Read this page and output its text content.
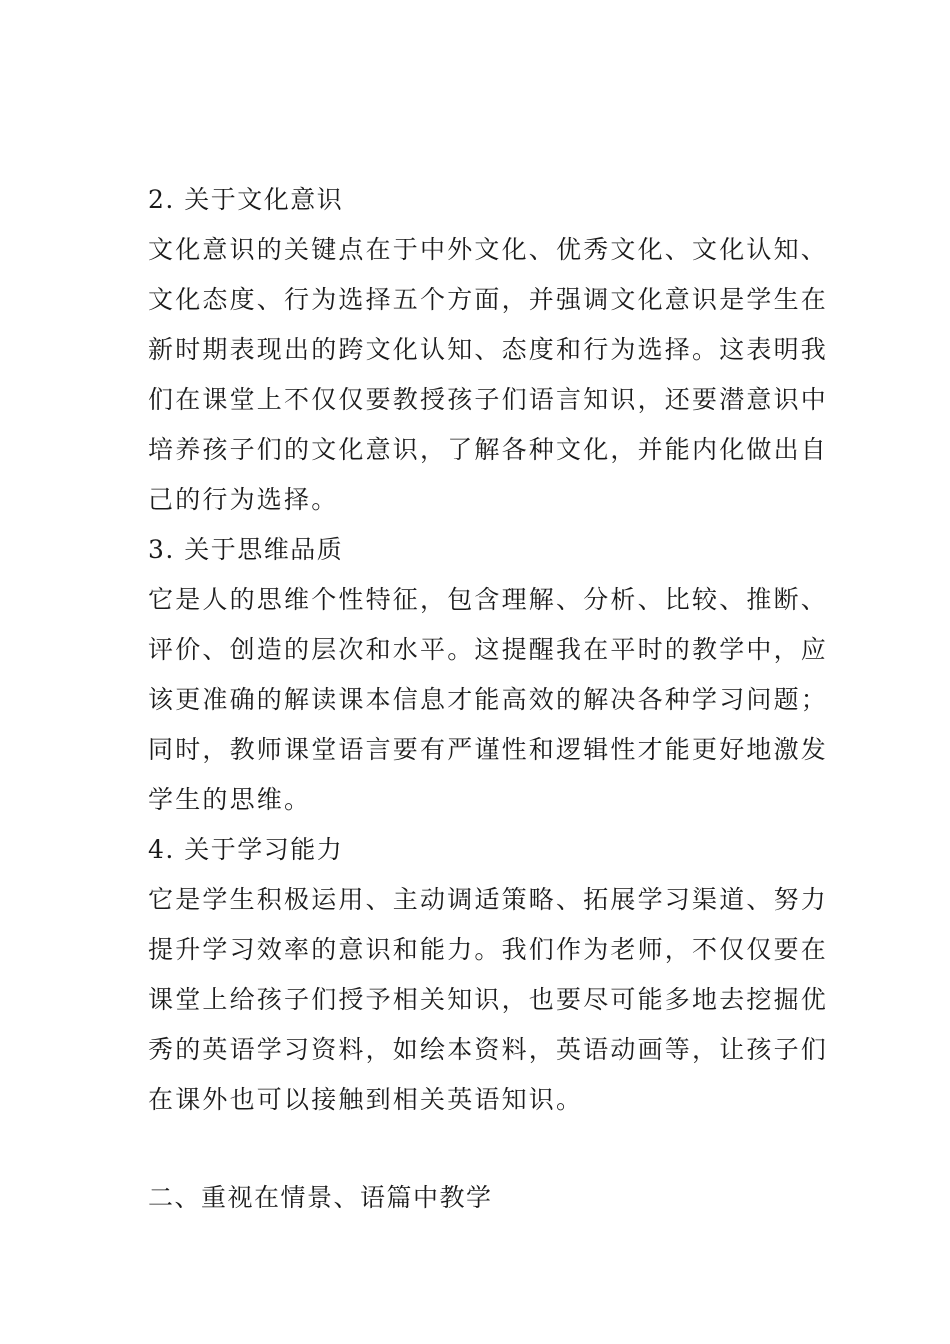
2. 关于文化意识
文化意识的关键点在于中外文化、优秀文化、文化认知、
文化态度、行为选择五个方面，并强调文化意识是学生在
新时期表现出的跨文化认知、态度和行为选择。这表明我
们在课堂上不仅仅要教授孩子们语言知识，还要潜意识中
培养孩子们的文化意识，了解各种文化，并能内化做出自
己的行为选择。
3. 关于思维品质
它是人的思维个性特征，包含理解、分析、比较、推断、
评价、创造的层次和水平。这提醒我在平时的教学中，应
该更准确的解读课本信息才能高效的解决各种学习问题；
同时，教师课堂语言要有严谨性和逻辑性才能更好地激发
学生的思维。
4. 关于学习能力
它是学生积极运用、主动调适策略、拓展学习渠道、努力
提升学习效率的意识和能力。我们作为老师，不仅仅要在
课堂上给孩子们授予相关知识，也要尽可能多地去挖掘优
秀的英语学习资料，如绘本资料，英语动画等，让孩子们
在课外也可以接触到相关英语知识。
二、重视在情景、语篇中教学
